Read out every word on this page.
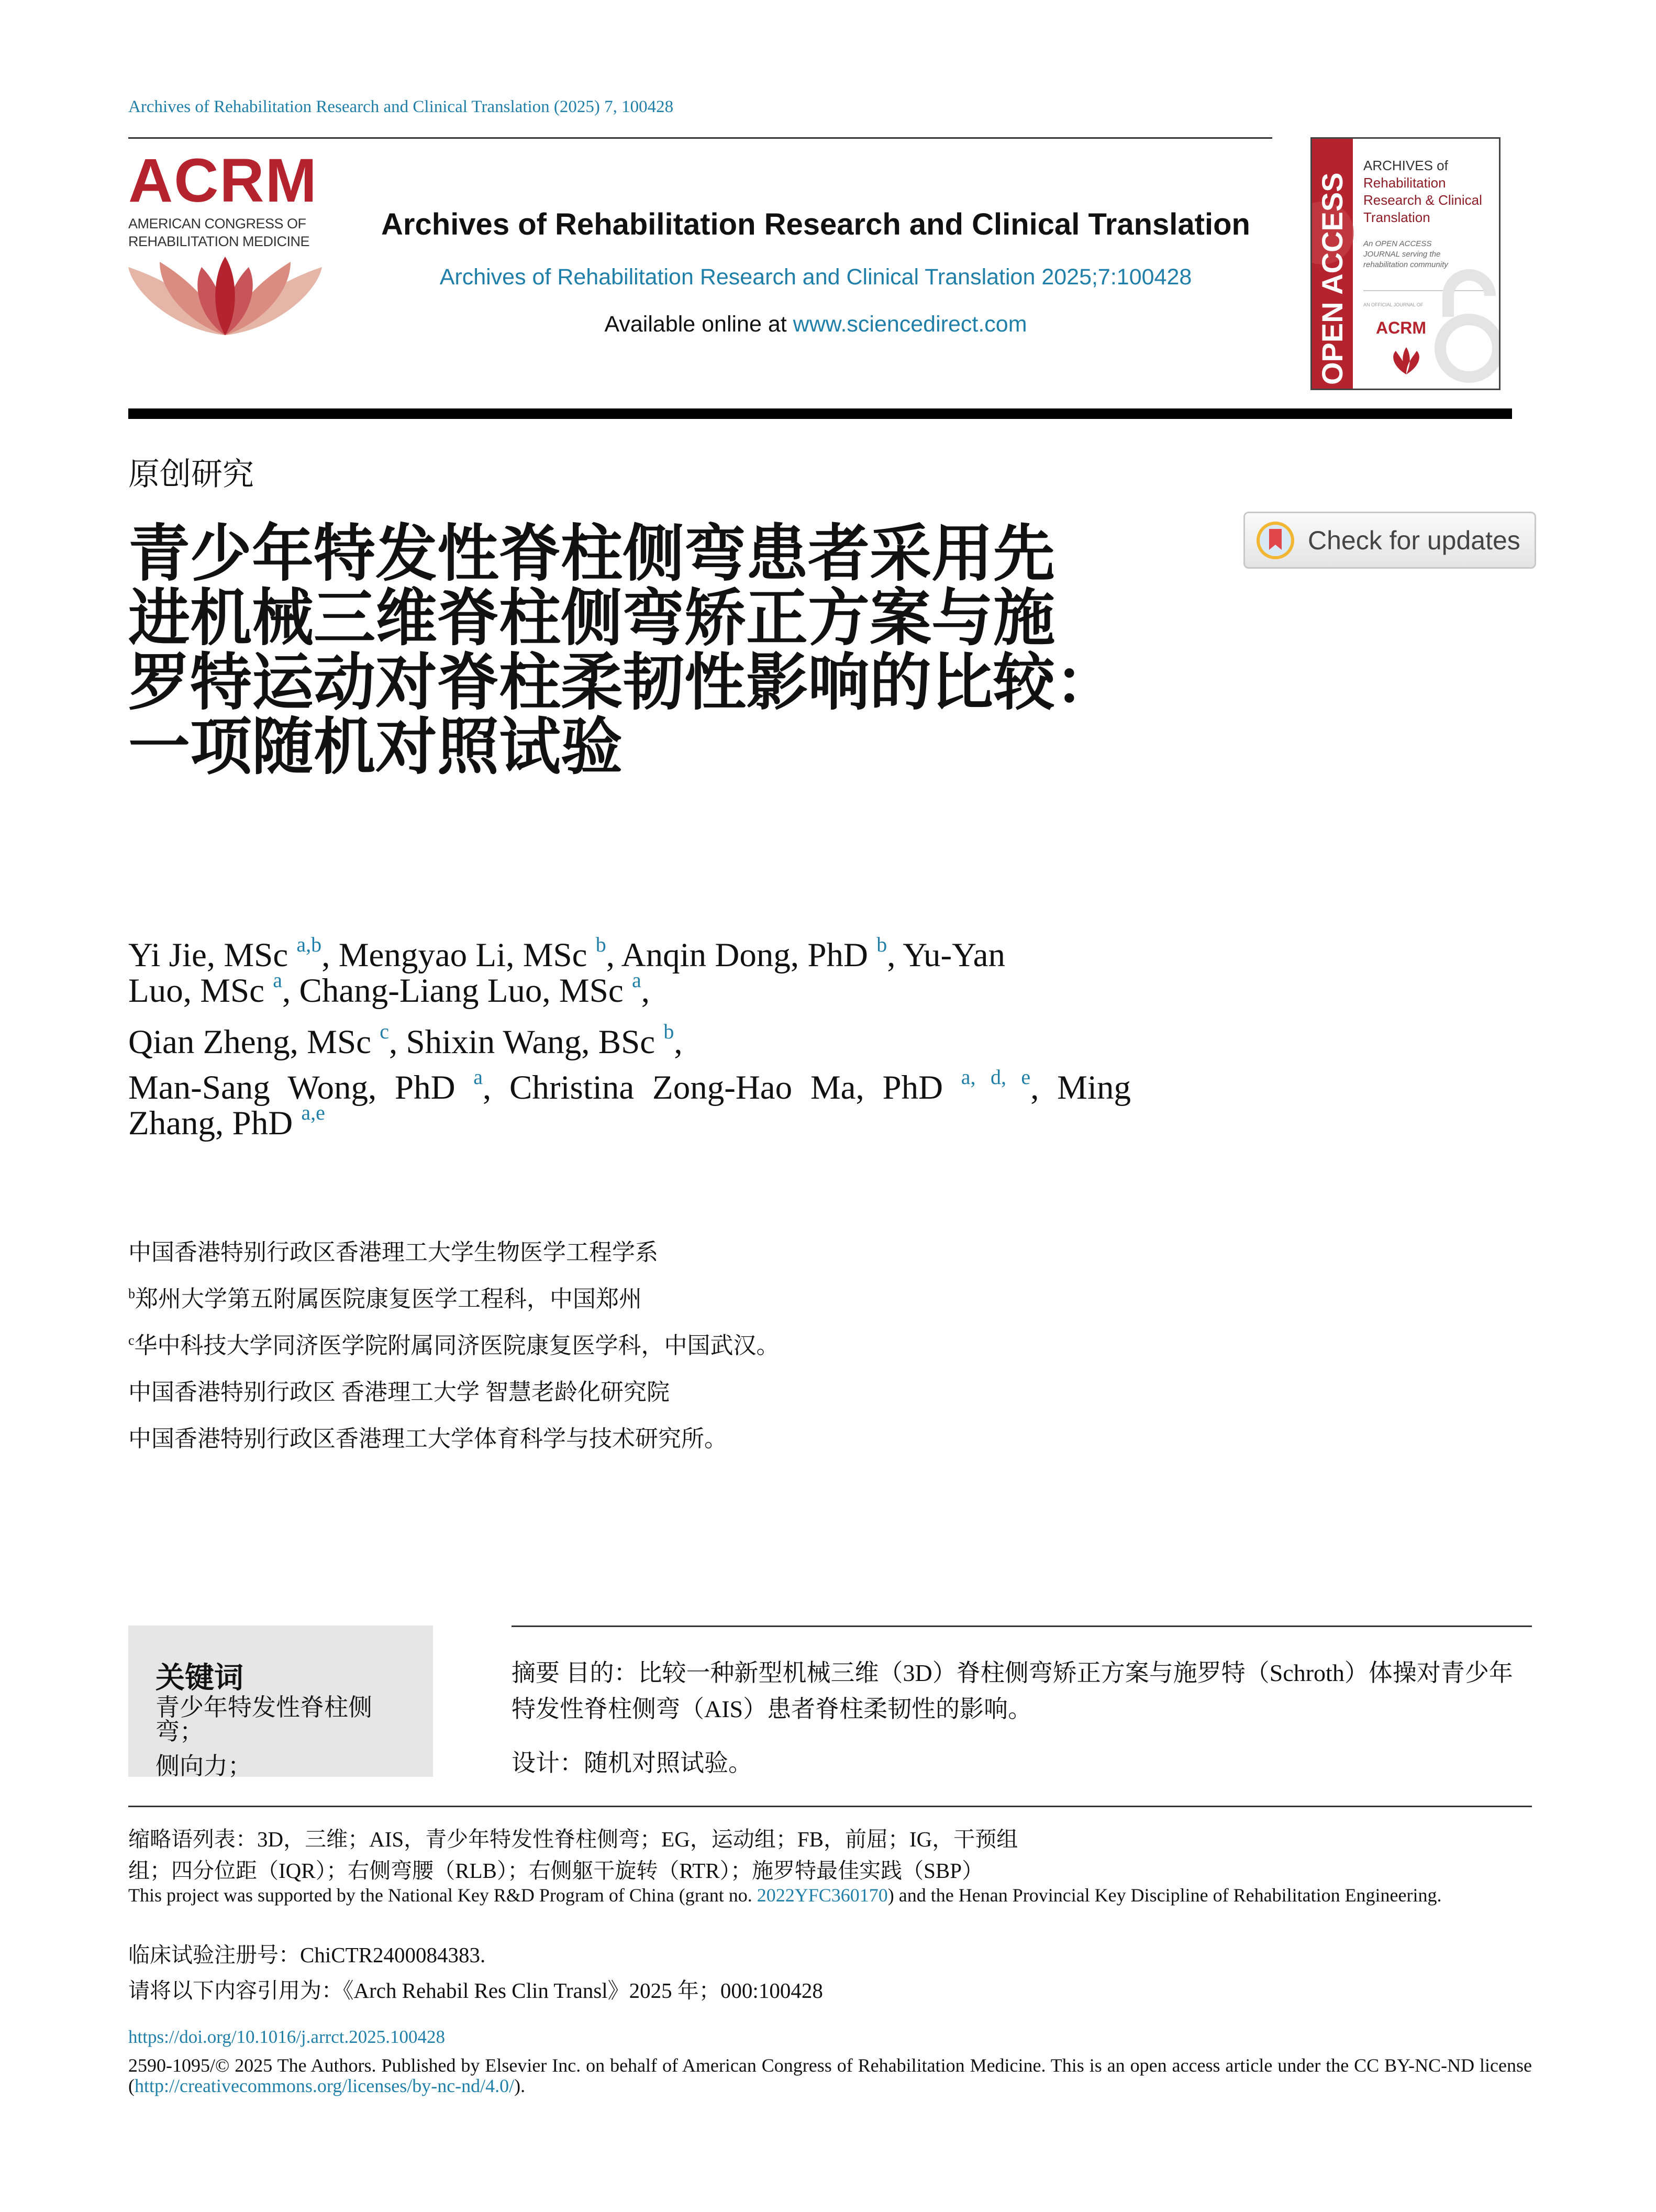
Archives of Rehabilitation Research and Clinical Translation (2025) 7, 100428
ACRM
AMERICAN CONGRESS OF
REHABILITATION MEDICINE	Archives of Rehabilitation Research and Clinical Translation
Archives of Rehabilitation Research and Clinical Translation 2025;7:100428
Available online at www.sciencedirect.com	OPEN ACCESS
ARCHIVES of
Rehabilitation
Research & Clinical
Translation
An OPEN ACCESS
JOURNAL serving the
rehabilitation community
AN OFFICIAL JOURNAL OF
ACRM
原创研究
青少年特发性脊柱侧弯患者采用先
进机械三维脊柱侧弯矫正方案与施
罗特运动对脊柱柔韧性影响的比较：
一项随机对照试验
Check for updates
Yi Jie, MSc $^{a,b}$, Mengyao Li, MSc $^b$, Anqin Dong, PhD $^b$, Yu-Yan
Luo, MSc $^a$, Chang-Liang Luo, MSc $^a$,
Qian Zheng, MSc $^c$, Shixin Wang, BSc $^b$,
Man-Sang Wong, PhD $^a$, Christina Zong-Hao Ma, PhD $^{a, d, e}$, Ming
Zhang, PhD $^{a,e}$
中国香港特别行政区香港理工大学生物医学工程学系
$^b$郑州大学第五附属医院康复医学工程科，中国郑州
$^c$华中科技大学同济医学院附属同济医院康复医学科，中国武汉。
中国香港特别行政区 香港理工大学 智慧老龄化研究院
中国香港特别行政区香港理工大学体育科学与技术研究所。
关键词
青少年特发性脊柱侧弯；
侧向力；
摘要 目的：比较一种新型机械三维（3D）脊柱侧弯矫正方案与施罗特（Schroth）体操对青少年特发性脊柱侧弯（AIS）患者脊柱柔韧性的影响。
设计：随机对照试验。
缩略语列表：3D，三维；AIS，青少年特发性脊柱侧弯；EG，运动组；FB，前屈；IG，干预组
组；四分位距（IQR）；右侧弯腰（RLB）；右侧躯干旋转（RTR）；施罗特最佳实践（SBP）
This project was supported by the National Key R&D Program of China (grant no. 2022YFC360170) and the Henan Provincial Key Discipline of Rehabilitation Engineering.
临床试验注册号：ChiCTR2400084383.
请将以下内容引用为：《Arch Rehabil Res Clin Transl》2025 年；000:100428
https://doi.org/10.1016/j.arrct.2025.100428
2590-1095/© 2025 The Authors. Published by Elsevier Inc. on behalf of American Congress of Rehabilitation Medicine. This is an open access article under the CC BY-NC-ND license (http://creativecommons.org/licenses/by-nc-nd/4.0/).
